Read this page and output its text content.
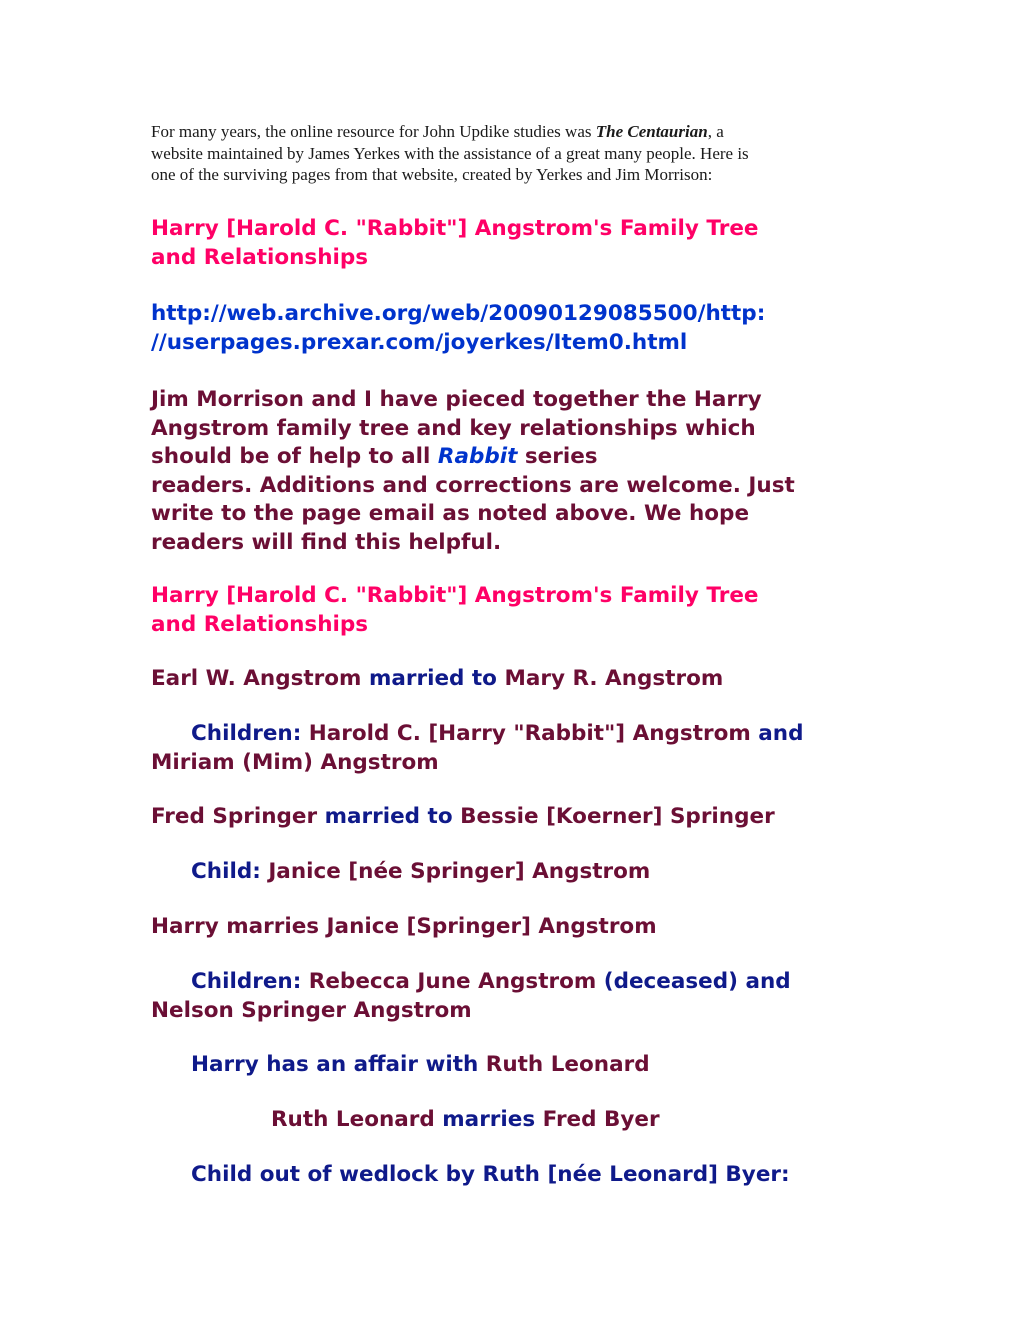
For many years, the online resource for John Updike studies was The Centaurian, a
website maintained by James Yerkes with the assistance of a great many people. Here is
one of the surviving pages from that website, created by Yerkes and Jim Morrison:
Harry [Harold C. "Rabbit"] Angstrom's Family Tree
and Relationships
http://web.archive.org/web/20090129085500/http:
//userpages.prexar.com/joyerkes/Item0.html
Jim Morrison and I have pieced together the Harry
Angstrom family tree and key relationships which
should be of help to all Rabbit series
readers. Additions and corrections are welcome. Just
write to the page email as noted above. We hope
readers will find this helpful.
Harry [Harold C. "Rabbit"] Angstrom's Family Tree
and Relationships
Earl W. Angstrom married to Mary R. Angstrom
Children: Harold C. [Harry "Rabbit"] Angstrom and
Miriam (Mim) Angstrom
Fred Springer married to Bessie [Koerner] Springer
Child: Janice [née Springer] Angstrom
Harry marries Janice [Springer] Angstrom
Children: Rebecca June Angstrom (deceased) and
Nelson Springer Angstrom
Harry has an affair with Ruth Leonard
Ruth Leonard marries Fred Byer
Child out of wedlock by Ruth [née Leonard] Byer:
